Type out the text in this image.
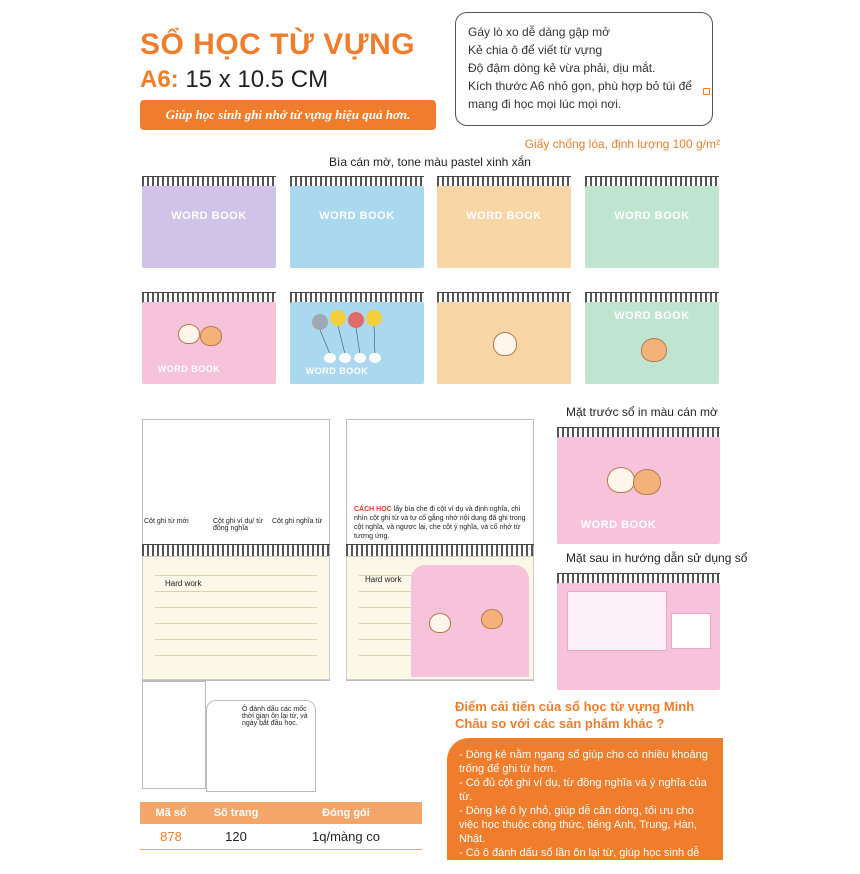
SỔ HỌC TỪ VỰNG
A6: 15 x 10.5 CM
Giúp học sinh ghi nhớ từ vựng hiệu quả hơn.
Gáy lò xo dễ dàng gập mở
Kẻ chia ô để viết từ vựng
Độ đậm dòng kẻ vừa phải, dịu mắt.
Kích thước A6 nhỏ gọn, phù hợp bỏ túi để
mang đi học mọi lúc mọi nơi.
Giấy chống lóa, định lượng 100 g/m²
Bìa cán mờ, tone màu pastel xinh xắn
WORD BOOK	WORD BOOK	WORD BOOK	WORD BOOK
WORD BOOK	WORD BOOK
WORD BOOK
Cột ghi từ mới	Cột ghi ví dụ/ từ đồng nghĩa
Cột ghi nghĩa từ
Hard work
Ô đánh dấu các mốc thời gian ôn lại từ, và ngày bắt đầu học.
CÁCH HỌC lấy bìa che đi cột ví dụ và định nghĩa, chỉ nhìn cột ghi từ và tự cố gắng nhớ nội dung đã ghi trong cột nghĩa, và ngược lại, che cột ý nghĩa, và cố nhớ từ tương ứng.
Hard work
Mặt trước sổ in màu cán mờ
WORD BOOK
Mặt sau in hướng dẫn sử dụng sổ
Điểm cải tiến của sổ học từ vựng Minh Châu so với các sản phẩm khác ?
- Dòng kẻ nằm ngang sổ giúp cho có nhiều khoảng trống để ghi từ hơn.
- Có đủ cột ghi ví dụ, từ đồng nghĩa và ý nghĩa của từ.
- Dòng kẻ ô ly nhỏ, giúp dễ căn dòng, tối ưu cho việc học thuộc công thức, tiếng Anh, Trung, Hàn, Nhật.
- Có ô đánh dấu số lần ôn lại từ, giúp học sinh dễ dàng theo dõi tiến trình học tập
Mã số	Số trang	Đóng gói
878	120	1q/màng co
